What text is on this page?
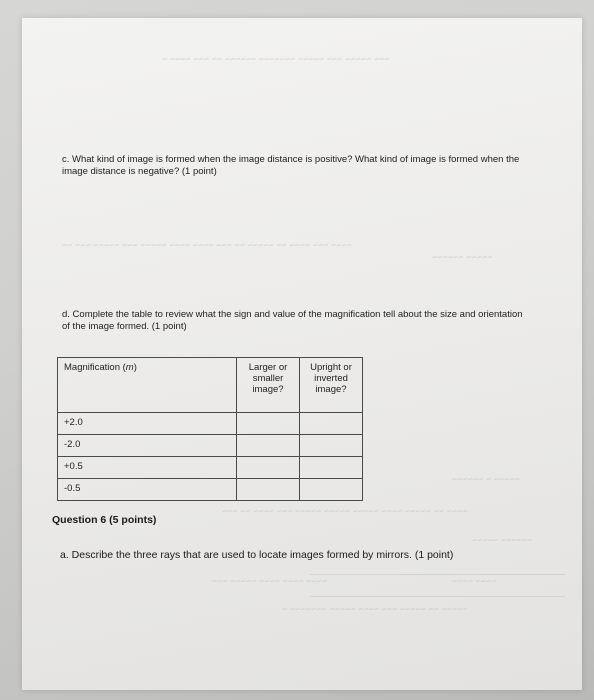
~~~ ~~~~~ ~~~ ~~~~~ ~~~~~~~ ~~~~~~ ~~ ~~~ ~~~~ ~
~~~~ ~~~ ~~~~ ~~ ~~~~~ ~~ ~~~ ~~~~ ~~~~ ~~~~~ ~~~ ~~~~~ ~~~ ~~
~~~~~ ~~~~~~
~~~~~ ~ ~~~~~~
~~~~ ~~ ~~~~~ ~~~~ ~~~~~ ~~~~~ ~~~~~ ~~~ ~~~~ ~~ ~~~
~~~~~~ ~~~~~
~~~~ ~~~~ ~~~~ ~~~~~ ~~~	~~~~ ~~~~
~~~~~ ~~ ~~~~~ ~~~ ~~~~ ~~~~~ ~~~~~~~ ~
c. What kind of image is formed when the image distance is positive? What kind of image is formed when the image distance is negative? (1 point)
d. Complete the table to review what the sign and value of the magnification tell about the size and orientation of the image formed. (1 point)
Magnification (m)	Larger or smaller image?	Upright or inverted image?
+2.0		
-2.0		
+0.5		
-0.5		
Question 6 (5 points)
a. Describe the three rays that are used to locate images formed by mirrors. (1 point)
